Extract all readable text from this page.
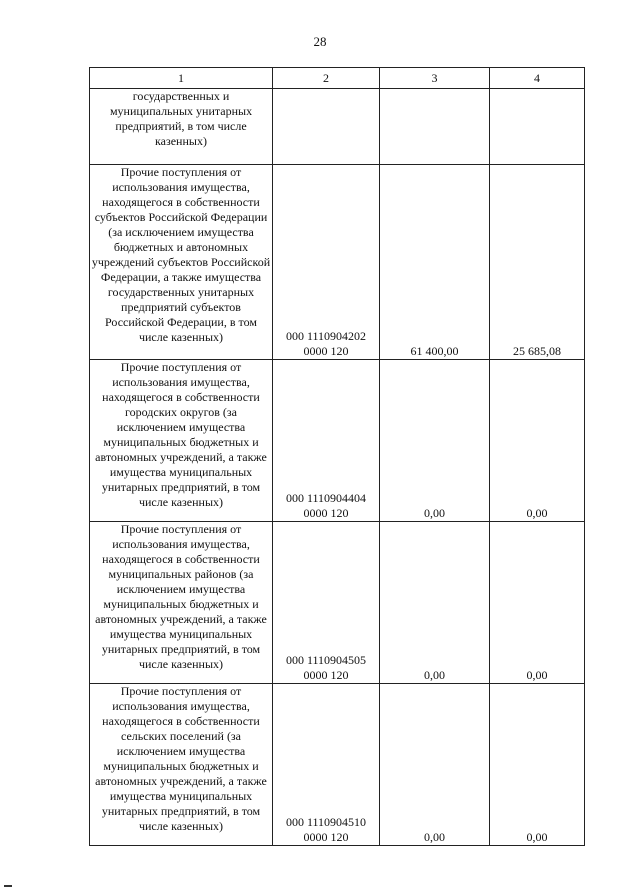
28
1	2	3	4
государственных и муниципальных унитарных предприятий, в том числе казенных)	

Прочие поступления от использования имущества, находящегося в собственности субъектов Российской Федерации (за исключением имущества бюджетных и автономных учреждений субъектов Российской Федерации, а также имущества государственных унитарных предприятий субъектов Российской Федерации, в том числе казенных)	000 1110904202
0000 120	61 400,00	25 685,08
Прочие поступления от использования имущества, находящегося в собственности городских округов (за исключением имущества муниципальных бюджетных и автономных учреждений, а также имущества муниципальных унитарных предприятий, в том числе казенных)	000 1110904404
0000 120	0,00	0,00
Прочие поступления от использования имущества, находящегося в собственности муниципальных районов (за исключением имущества муниципальных бюджетных и автономных учреждений, а также имущества муниципальных унитарных предприятий, в том числе казенных)	000 1110904505
0000 120	0,00	0,00
Прочие поступления от использования имущества, находящегося в собственности сельских поселений (за исключением имущества муниципальных бюджетных и автономных учреждений, а также имущества муниципальных унитарных предприятий, в том числе казенных)	000 1110904510
0000 120	0,00	0,00
